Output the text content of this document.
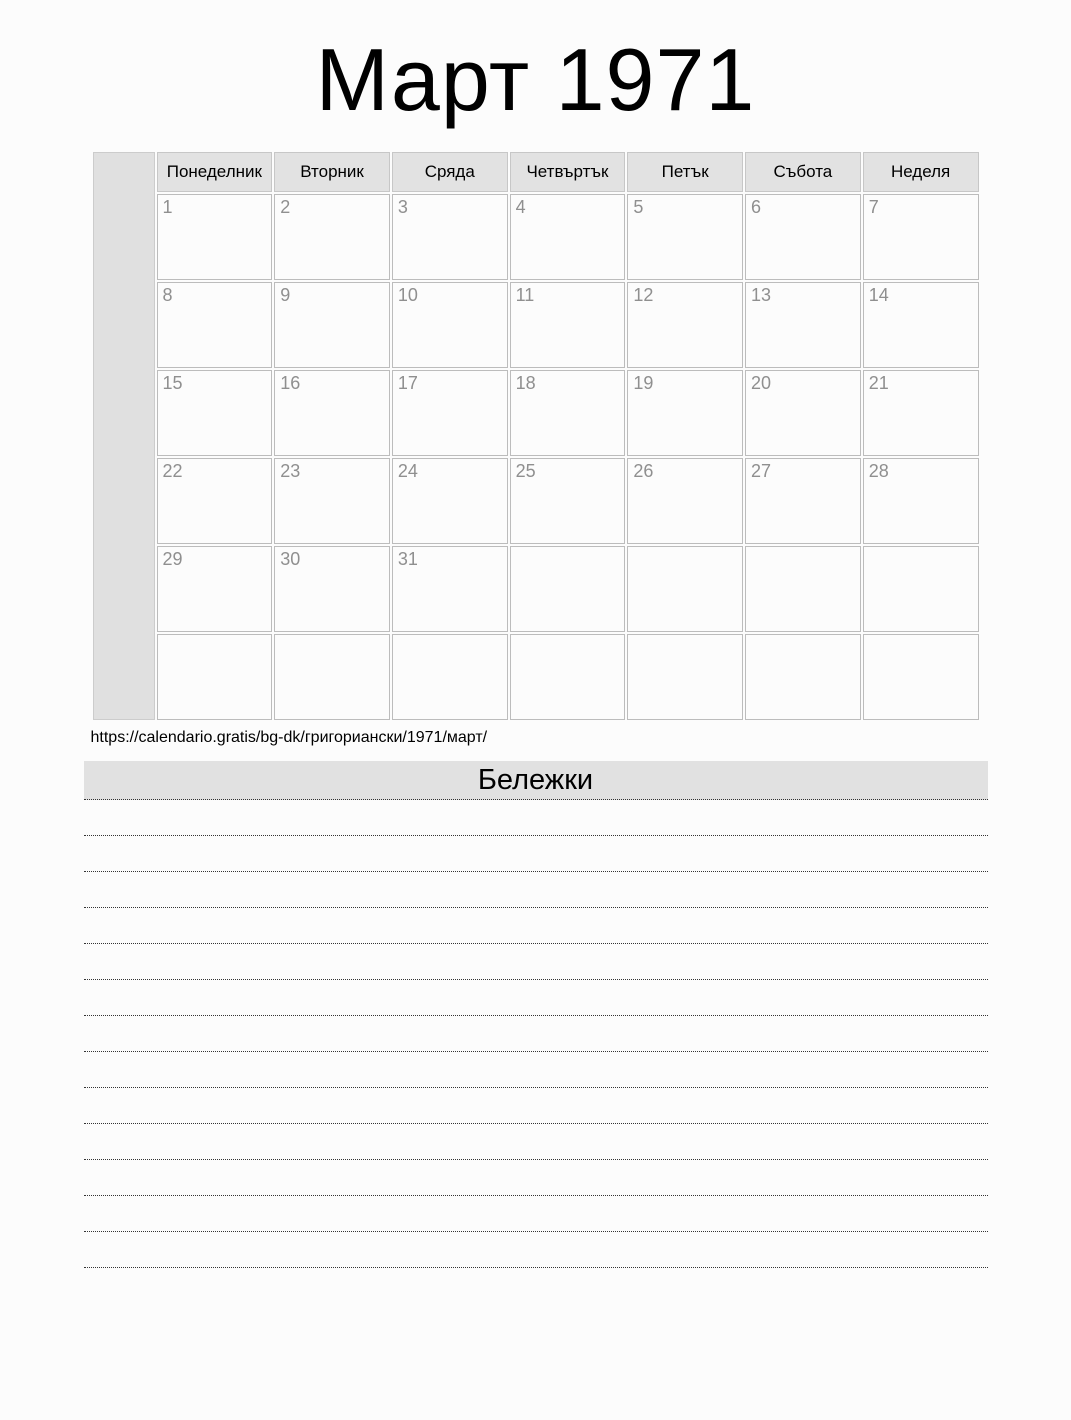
Март 1971
	Понеделник	Вторник	Сряда	Четвъртък	Петък	Събота	Неделя
	1	2	3	4	5	6	7
	8	9	10	11	12	13	14
	15	16	17	18	19	20	21
	22	23	24	25	26	27	28
	29	30	31				

https://calendario.gratis/bg-dk/григориански/1971/март/
Бележки
